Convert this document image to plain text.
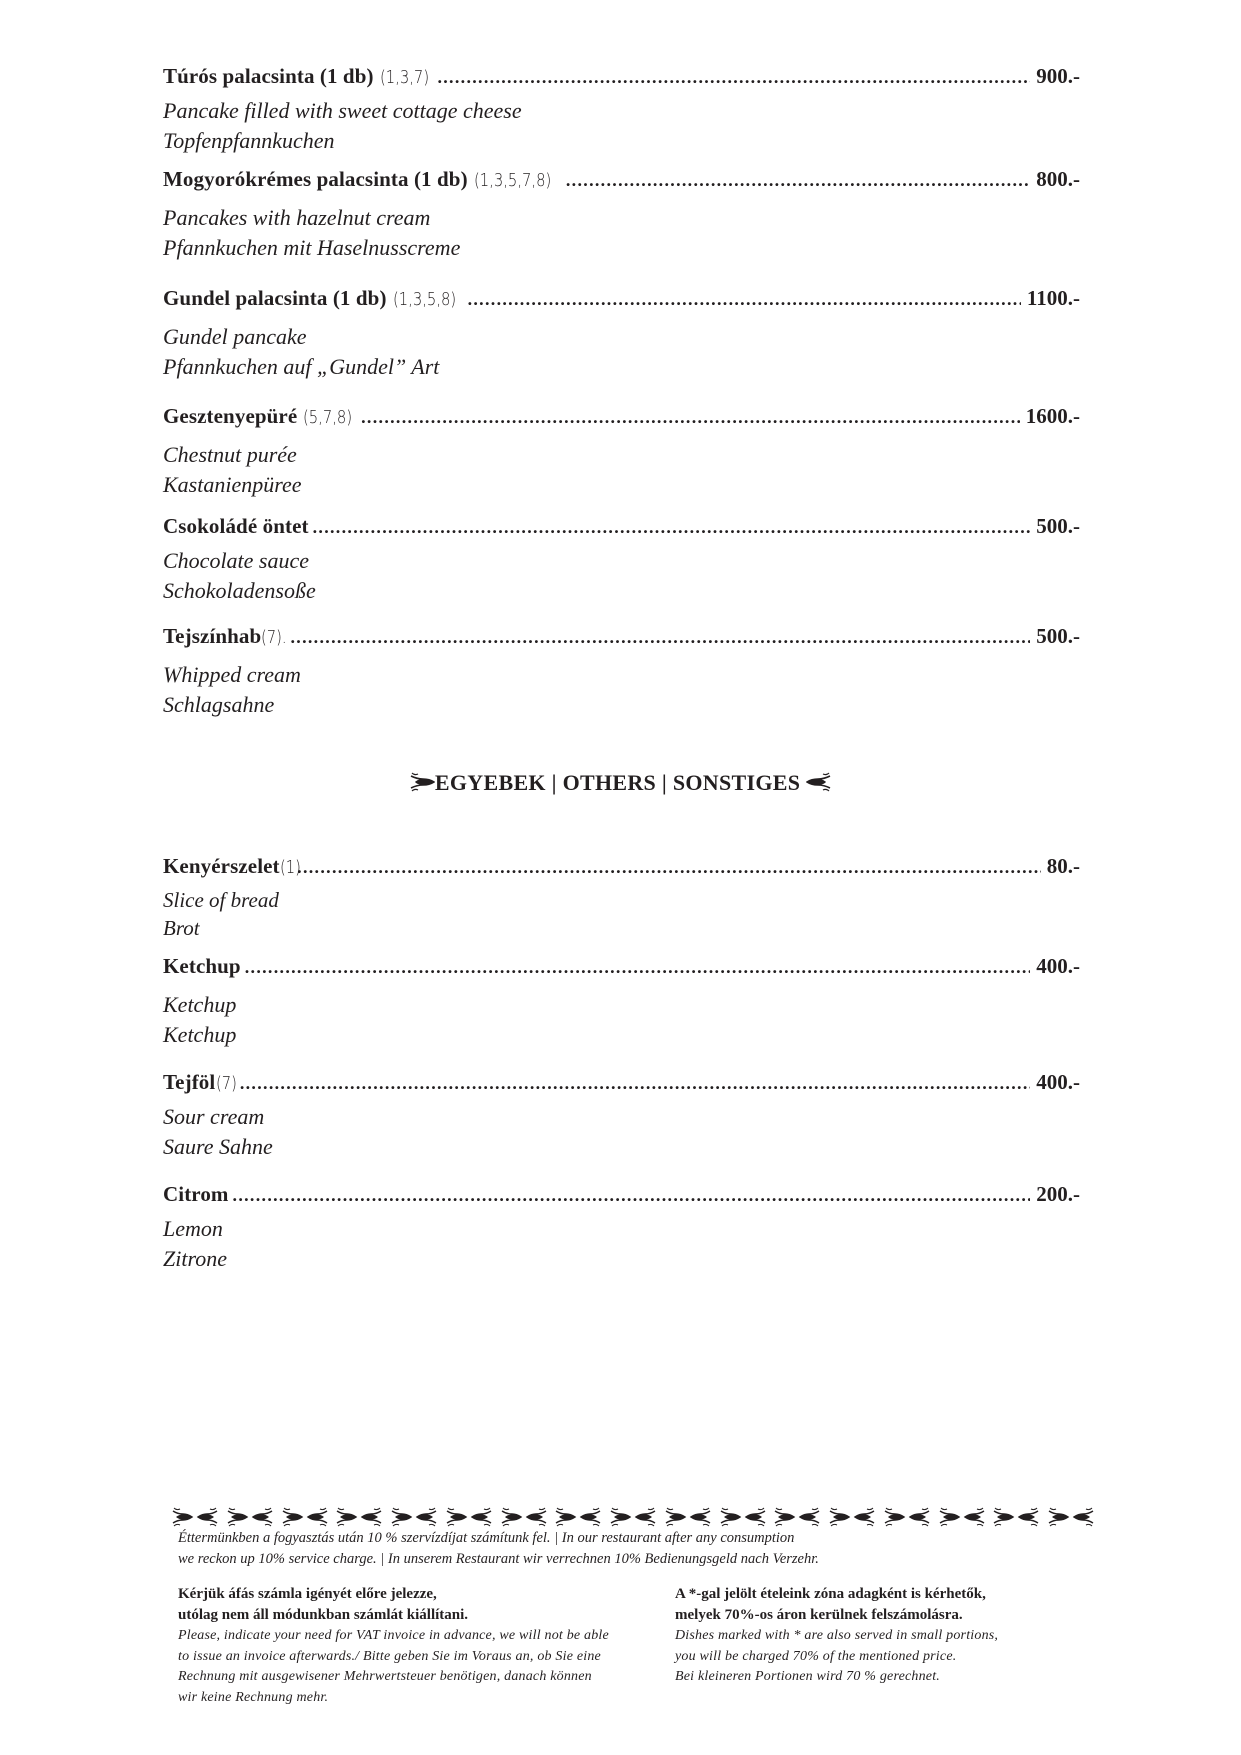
Túrós palacsinta (1 db) (1,3,7) .....	900.-
Pancake filled with sweet cottage cheese
Topfenpfannkuchen
Mogyorókrémes palacsinta (1 db) (1,3,5,7,8) .....	800.-
Pancakes with hazelnut cream
Pfannkuchen mit Haselnusscreme
Gundel palacsinta (1 db) (1,3,5,8) .....	1100.-
Gundel pancake
Pfannkuchen auf „Gundel” Art
Gesztenyepüré (5,7,8) .....	1600.-
Chestnut purée
Kastanienpüree
Csokoládé öntet .....	500.-
Chocolate sauce
Schokoladensoße
Tejszínhab (7). .....	500.-
Whipped cream
Schlagsahne
EGYEBEK | OTHERS | SONSTIGES
Kenyérszelet (1) .....	80.-
Slice of bread
Brot
Ketchup .....	400.-
Ketchup
Ketchup
Tejföl (7) .....	400.-
Sour cream
Saure Sahne
Citrom .....	200.-
Lemon
Zitrone
Éttermünkben a fogyasztás után 10 % szervízdíjat számítunk fel. | In our restaurant after any consumption
we reckon up 10% service charge. | In unserem Restaurant wir verrechnen 10% Bedienungsgeld nach Verzehr.
Kérjük áfás számla igényét előre jelezze,
utólag nem áll módunkban számlát kiállítani.
Please, indicate your need for VAT invoice in advance, we will not be able
to issue an invoice afterwards./ Bitte geben Sie im Voraus an, ob Sie eine
Rechnung mit ausgewisener Mehrwertsteuer benötigen, danach können
wir keine Rechnung mehr.
A *-gal jelölt ételeink zóna adagként is kérhetők,
melyek 70%-os áron kerülnek felszámolásra.
Dishes marked with * are also served in small portions,
you will be charged 70% of the mentioned price.
Bei kleineren Portionen wird 70 % gerechnet.
